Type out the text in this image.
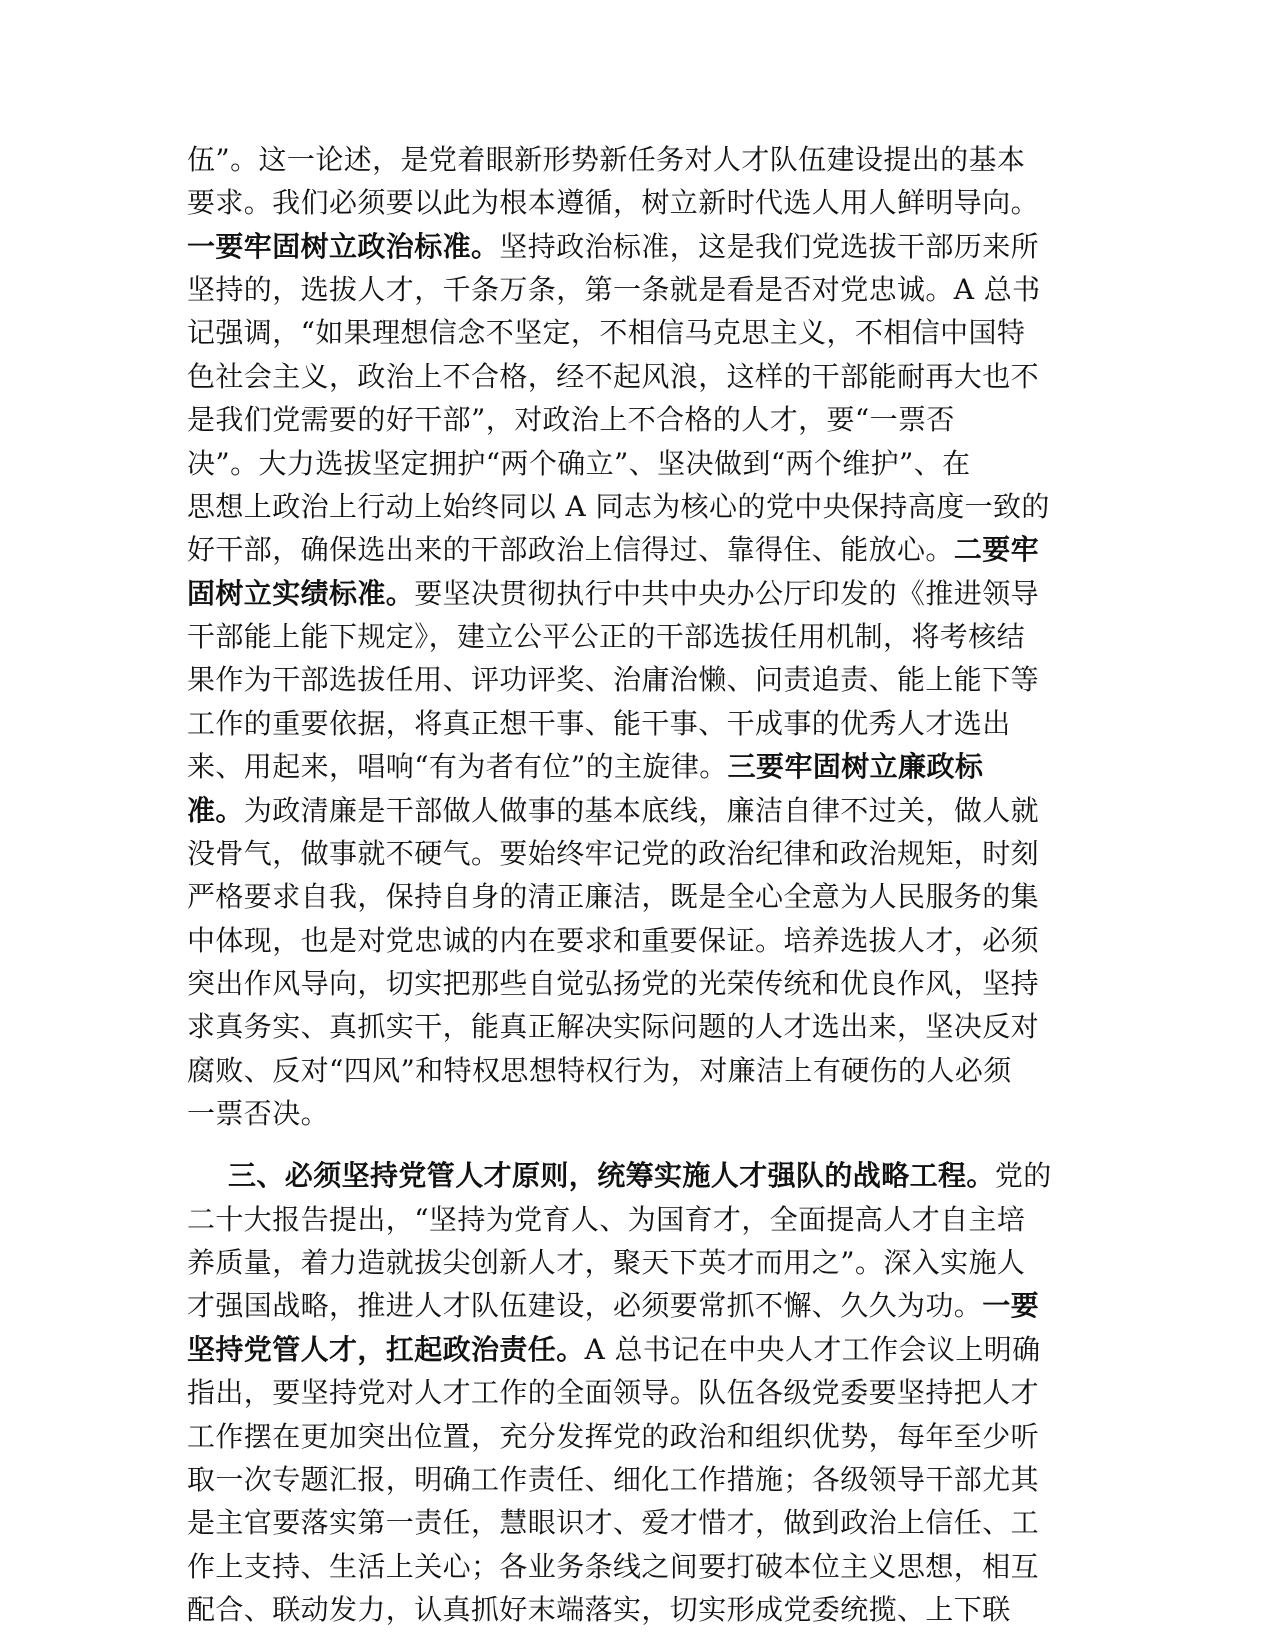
伍”。这一论述，是党着眼新形势新任务对人才队伍建设提出的基本
要求。我们必须要以此为根本遵循，树立新时代选人用人鲜明导向。
一要牢固树立政治标准。坚持政治标准，这是我们党选拔干部历来所
坚持的，选拔人才，千条万条，第一条就是看是否对党忠诚。A 总书
记强调，“如果理想信念不坚定，不相信马克思主义，不相信中国特
色社会主义，政治上不合格，经不起风浪，这样的干部能耐再大也不
是我们党需要的好干部”，对政治上不合格的人才，要“一票否
决”。大力选拔坚定拥护“两个确立”、坚决做到“两个维护”、在
思想上政治上行动上始终同以 A 同志为核心的党中央保持高度一致的
好干部，确保选出来的干部政治上信得过、靠得住、能放心。二要牢
固树立实绩标准。要坚决贯彻执行中共中央办公厅印发的《推进领导
干部能上能下规定》，建立公平公正的干部选拔任用机制，将考核结
果作为干部选拔任用、评功评奖、治庸治懒、问责追责、能上能下等
工作的重要依据，将真正想干事、能干事、干成事的优秀人才选出
来、用起来，唱响“有为者有位”的主旋律。三要牢固树立廉政标
准。为政清廉是干部做人做事的基本底线，廉洁自律不过关，做人就
没骨气，做事就不硬气。要始终牢记党的政治纪律和政治规矩，时刻
严格要求自我，保持自身的清正廉洁，既是全心全意为人民服务的集
中体现，也是对党忠诚的内在要求和重要保证。培养选拔人才，必须
突出作风导向，切实把那些自觉弘扬党的光荣传统和优良作风，坚持
求真务实、真抓实干，能真正解决实际问题的人才选出来，坚决反对
腐败、反对“四风”和特权思想特权行为，对廉洁上有硬伤的人必须
一票否决。
三、必须坚持党管人才原则，统筹实施人才强队的战略工程。党的
二十大报告提出，“坚持为党育人、为国育才，全面提高人才自主培
养质量，着力造就拔尖创新人才，聚天下英才而用之”。深入实施人
才强国战略，推进人才队伍建设，必须要常抓不懈、久久为功。一要
坚持党管人才，扛起政治责任。A 总书记在中央人才工作会议上明确
指出，要坚持党对人才工作的全面领导。队伍各级党委要坚持把人才
工作摆在更加突出位置，充分发挥党的政治和组织优势，每年至少听
取一次专题汇报，明确工作责任、细化工作措施；各级领导干部尤其
是主官要落实第一责任，慧眼识才、爱才惜才，做到政治上信任、工
作上支持、生活上关心；各业务条线之间要打破本位主义思想，相互
配合、联动发力，认真抓好末端落实，切实形成党委统揽、上下联
